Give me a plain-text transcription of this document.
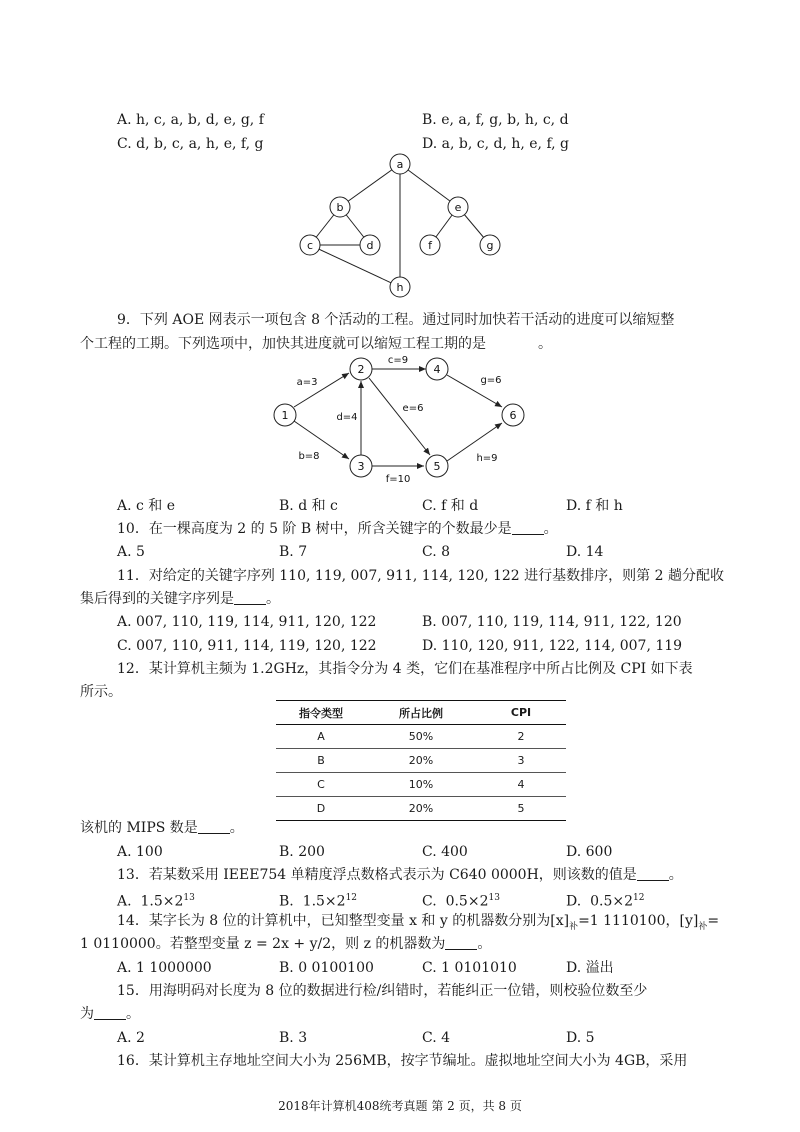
A. h, c, a, b, d, e, g, f	B. e, a, f, g, b, h, c, d
C. d, b, c, a, h, e, f, g	D. a, b, c, d, h, e, f, g
a
b
c	d
e
f	g
h
9．下列 AOE 网表示一项包含 8 个活动的工程。通过同时加快若干活动的进度可以缩短整
个工程的工期。下列选项中，加快其进度就可以缩短工程工期的是	。
1
2
3
4
5
6
a=3
b=8
c=9
d=4
e=6
f=10
g=6
h=9
A. c 和 e	B. d 和 c	C. f 和 d	D. f 和 h
10．在一棵高度为 2 的 5 阶 B 树中，所含关键字的个数最少是 。
A. 5	B. 7	C. 8	D. 14
11．对给定的关键字序列 110, 119, 007, 911, 114, 120, 122 进行基数排序，则第 2 趟分配收
集后得到的关键字序列是 。
A. 007, 110, 119, 114, 911, 120, 122	B. 007, 110, 119, 114, 911, 122, 120
C. 007, 110, 911, 114, 119, 120, 122	D. 110, 120, 911, 122, 114, 007, 119
12．某计算机主频为 1.2GHz，其指令分为 4 类，它们在基准程序中所占比例及 CPI 如下表
所示。
指令类型	所占比例	CPI
A	50%	2
B	20%	3
C	10%	4
D	20%	5
该机的 MIPS 数是 。
A. 100	B. 200	C. 400	D. 600
13．若某数采用 IEEE754 单精度浮点数格式表示为 C640 0000H，则该数的值是 。
A. $1.5\times 2^{13}$	B. $1.5\times 2^{12}$	C. $0.5\times 2^{13}$	D. $0.5\times 2^{12}$
14．某字长为 8 位的计算机中，已知整型变量 x 和 y 的机器数分别为$[x]_补=1$ 1110100，$[y]_补=$
1 0110000。若整型变量 z = 2x + y/2，则 z 的机器数为 。
A. 1 1000000	B. 0 0100100	C. 1 0101010	D. 溢出
15．用海明码对长度为 8 位的数据进行检/纠错时，若能纠正一位错，则校验位数至少
为 。
A. 2	B. 3	C. 4	D. 5
16．某计算机主存地址空间大小为 256MB，按字节编址。虚拟地址空间大小为 4GB，采用
2018年计算机408统考真题 第 2 页，共 8 页
